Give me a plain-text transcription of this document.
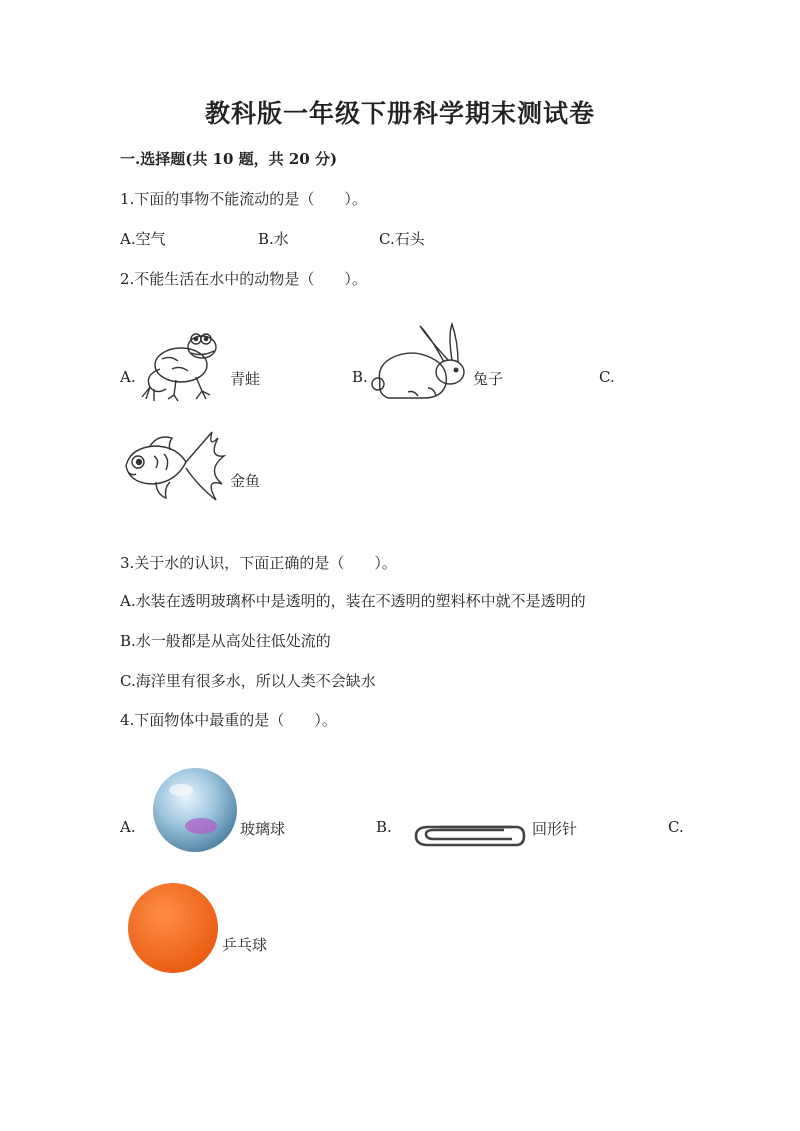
教科版一年级下册科学期末测试卷
一.选择题(共 10 题，共 20 分)
1.下面的事物不能流动的是（　　）。
A.空气	B.水	C.石头
2.不能生活在水中的动物是（　　）。
A.	青蛙	B.	兔子	C.
金鱼
3.关于水的认识，下面正确的是（　　）。
A.水装在透明玻璃杯中是透明的，装在不透明的塑料杯中就不是透明的
B.水一般都是从高处往低处流的
C.海洋里有很多水，所以人类不会缺水
4.下面物体中最重的是（　　）。
A.	玻璃球	B.	回形针	C.
乒乓球
